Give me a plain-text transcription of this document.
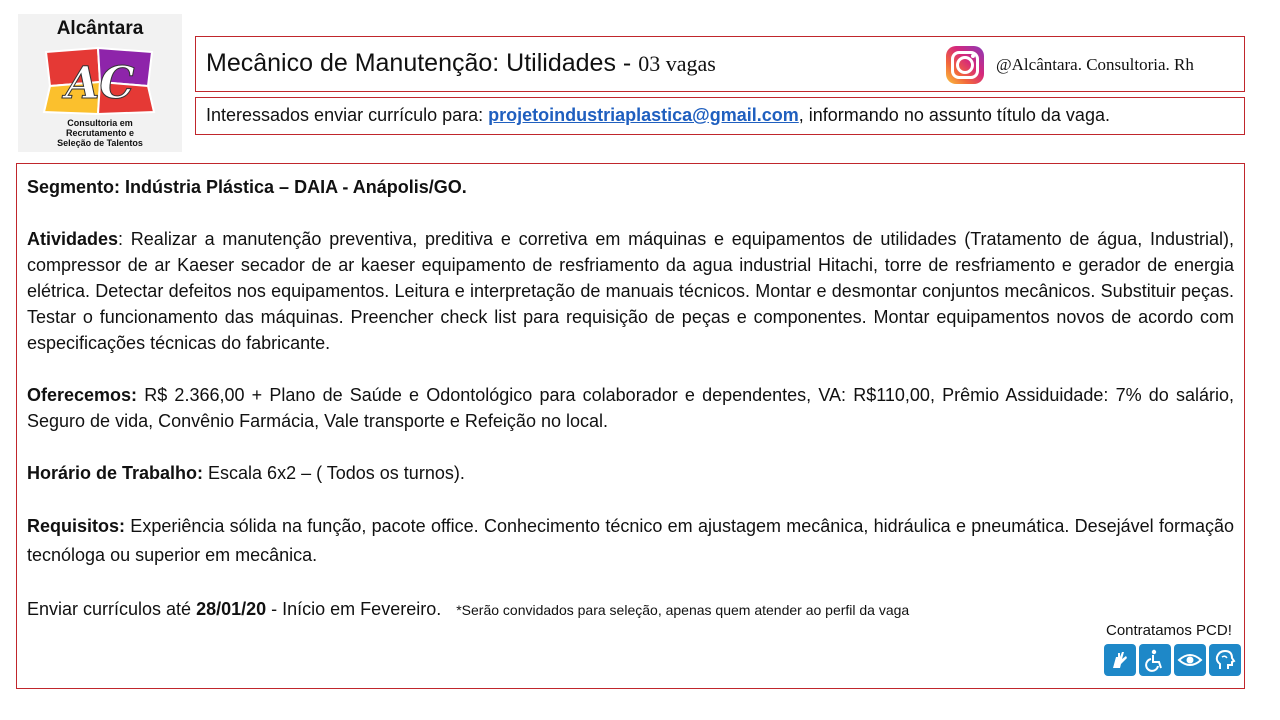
Alcântara
AC
Consultoria em
Recrutamento e
Seleção de Talentos
Mecânico de Manutenção: Utilidades - 03 vagas	@Alcântara. Consultoria. Rh
Interessados enviar currículo para: projetoindustriaplastica@gmail.com, informando no assunto título da vaga.

Segmento: Indústria Plástica – DAIA - Anápolis/GO.

Atividades: Realizar a manutenção preventiva, preditiva e corretiva em máquinas e equipamentos de utilidades (Tratamento de água, Industrial), compressor de ar Kaeser secador de ar kaeser equipamento de resfriamento da agua industrial Hitachi, torre de resfriamento e gerador de energia elétrica. Detectar defeitos nos equipamentos. Leitura e interpretação de manuais técnicos. Montar e desmontar conjuntos mecânicos. Substituir peças. Testar o funcionamento das máquinas. Preencher check list para requisição de peças e componentes. Montar equipamentos novos de acordo com especificações técnicas do fabricante.

Oferecemos: R$ 2.366,00 + Plano de Saúde e Odontológico para colaborador e dependentes, VA: R$110,00, Prêmio Assiduidade: 7% do salário, Seguro de vida, Convênio Farmácia, Vale transporte e Refeição no local.

Horário de Trabalho: Escala 6x2 – ( Todos os turnos).

Requisitos: Experiência sólida na função, pacote office. Conhecimento técnico em ajustagem mecânica, hidráulica e pneumática. Desejável formação tecnóloga ou superior em mecânica.

Enviar currículos até 28/01/20 - Início em Fevereiro. *Serão convidados para seleção, apenas quem atender ao perfil da vaga

Contratamos PCD!
